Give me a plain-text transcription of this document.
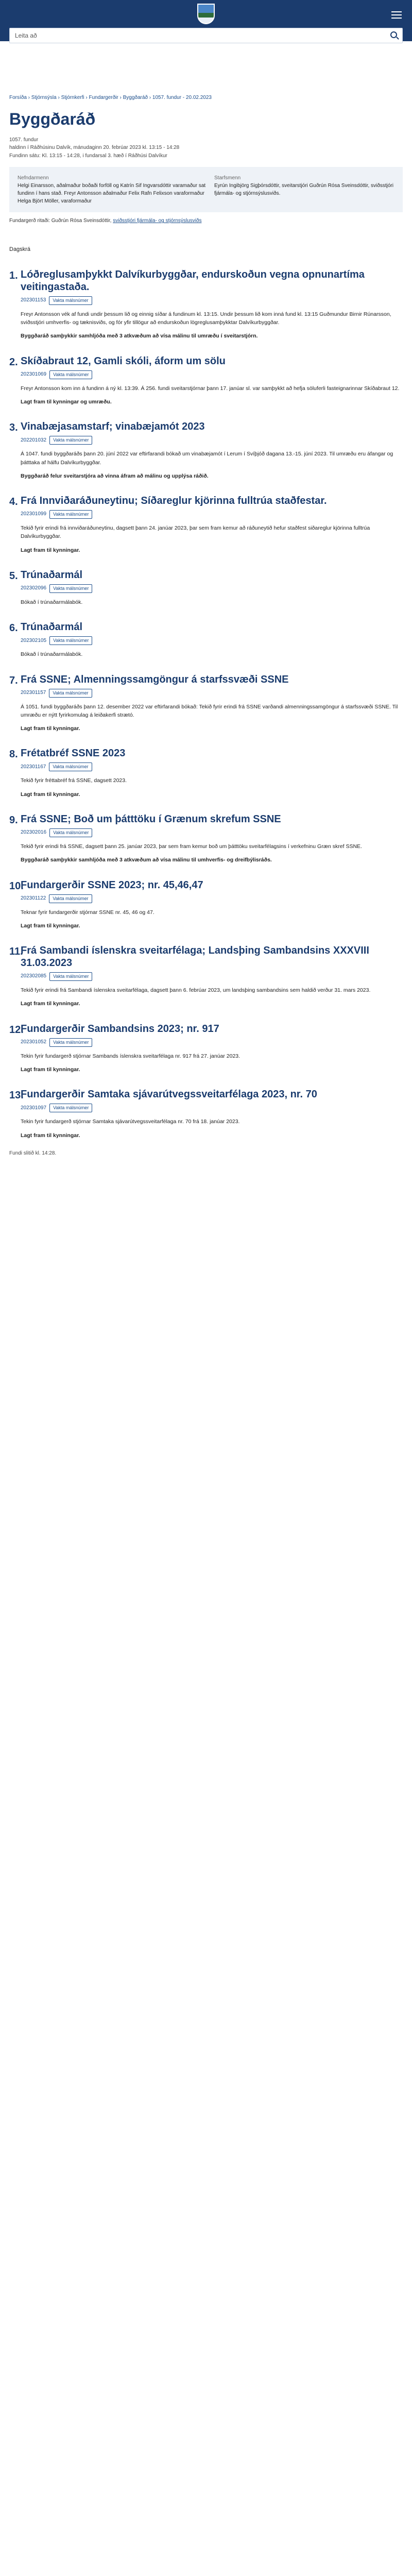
Leita að
Forsíða › Stjórnsýsla › Stjórnkerfi › Fundargerðir › Byggðaráð › 1057. fundur - 20.02.2023
Byggðaráð
1057. fundur
haldinn í Ráðhúsinu Dalvík, mánudaginn 20. febrúar 2023 kl. 13:15 - 14:28
Fundinn sátu: Kl. 13:15 - 14:28, i fundarsal 3. hæð í Ráðhúsi Dalvíkur
Nefndarmenn
Helgi Einarsson, aðalmaður boðaði forföll og Katrín Sif Ingvarsdóttir varamaður sat fundinn í hans stað. Freyr Antonsson aðalmaður Felix Rafn Felixson varaformaður Helga Björt Möller, varaformaður
Starfsmenn
Eyrún Ingibjörg Sigþórsdóttir, sveitarstjóri Guðrún Rósa Sveinsdóttir, sviðsstjóri fjármála- og stjórnsýslusviðs.
Fundargerð ritaði: Guðrún Rósa Sveinsdóttir, sviðsstjóri fjármála- og stjórnsýslusviðs
Dagskrá
1. Lóðreglusamþykkt Dalvíkurbyggðar, endurskoðun vegna opnunartíma veitingastaða.
202301153	Vakta málsnúmer

Freyr Antonsson vék af fundi undir þessum lið og einnig síðar á fundinum kl. 13:15. Undir þessum lið kom inná fund kl. 13:15 Guðmundur Birnir Rúnarsson, sviðsstjóri umhverfis- og tæknisviðs, og fór yfir tillögur að endurskoðun lögreglusamþykktar Dalvíkurbyggðar.

Byggðaráð samþykkir samhljóða með 3 atkvæðum að vísa málinu til umræðu í sveitarstjórn.

2. Skíðabraut 12, Gamli skóli, áform um sölu
202301069	Vakta málsnúmer

Freyr Antonsson kom inn á fundinn á ný kl. 13:39. Á 256. fundi sveitarstjórnar þann 17. janúar sl. var samþykkt að hefja söluferli fasteignarinnar Skíðabraut 12.

Lagt fram til kynningar og umræðu.

3. Vinabæjasamstarf; vinabæjamót 2023
202201032	Vakta málsnúmer

Á 1047. fundi byggðaráðs þann 20. júní 2022 var eftirfarandi bókað um vinabæjamót í Lerum í Svíþjóð dagana 13.-15. júní 2023. Til umræðu eru áfangar og þátttaka af hálfu Dalvíkurbyggðar.

Byggðaráð felur sveitarstjóra að vinna áfram að málinu og upplýsa ráðið.

4. Frá Innviðaráðuneytinu; Síðareglur kjörinna fulltrúa staðfestar.
202301099	Vakta málsnúmer

Tekið fyrir erindi frá innviðaráðuneytinu, dagsett þann 24. janúar 2023, þar sem fram kemur að ráðuneytið hefur staðfest siðareglur kjörinna fulltrúa Dalvíkurbyggðar.

Lagt fram til kynningar.

5. Trúnaðarmál
202302096	Vakta málsnúmer

Bókað í trúnaðarmálabók.

6. Trúnaðarmál
202302105	Vakta málsnúmer

Bókað í trúnaðarmálabók.

7. Frá SSNE; Almenningssamgöngur á starfssvæði SSNE
202301157	Vakta málsnúmer

Á 1051. fundi byggðaráðs þann 12. desember 2022 var eftirfarandi bókað: Tekið fyrir erindi frá SSNE varðandi almenningssamgöngur á starfssvæði SSNE. Til umræðu er nýtt fyrirkomulag á leiðakerfi strætó.

Lagt fram til kynningar.

8. Frétatbréf SSNE 2023
202301167	Vakta málsnúmer

Tekið fyrir fréttabréf frá SSNE, dagsett 2023.

Lagt fram til kynningar.

9. Frá SSNE; Boð um þátttöku í Grænum skrefum SSNE
202302016	Vakta málsnúmer

Tekið fyrir erindi frá SSNE, dagsett þann 25. janúar 2023, þar sem fram kemur boð um þátttöku sveitarfélagsins í verkefninu Græn skref SSNE.

Byggðaráð samþykkir samhljóða með 3 atkvæðum að vísa málinu til umhverfis- og dreifbýlisráðs.

10.
Fundargerðir SSNE 2023; nr. 45,46,47
202301122	Vakta málsnúmer

Teknar fyrir fundargerðir stjórnar SSNE nr. 45, 46 og 47.

Lagt fram til kynningar.

11.
Frá Sambandi íslenskra sveitarfélaga; Landsþing Sambandsins XXXVIII 31.03.2023
202302085	Vakta málsnúmer

Tekið fyrir erindi frá Sambandi íslenskra sveitarfélaga, dagsett þann 6. febrúar 2023, um landsþing sambandsins sem haldið verður 31. mars 2023.

Lagt fram til kynningar.

12.
Fundargerðir Sambandsins 2023; nr. 917
202301052	Vakta málsnúmer

Tekin fyrir fundargerð stjórnar Sambands íslenskra sveitarfélaga nr. 917 frá 27. janúar 2023.

Lagt fram til kynningar.

13.
Fundargerðir Samtaka sjávarútvegssveitarfélaga 2023, nr. 70
202301097	Vakta málsnúmer

Tekin fyrir fundargerð stjórnar Samtaka sjávarútvegssveitarfélaga nr. 70 frá 18. janúar 2023.

Lagt fram til kynningar.

Fundi slitið kl. 14:28.
